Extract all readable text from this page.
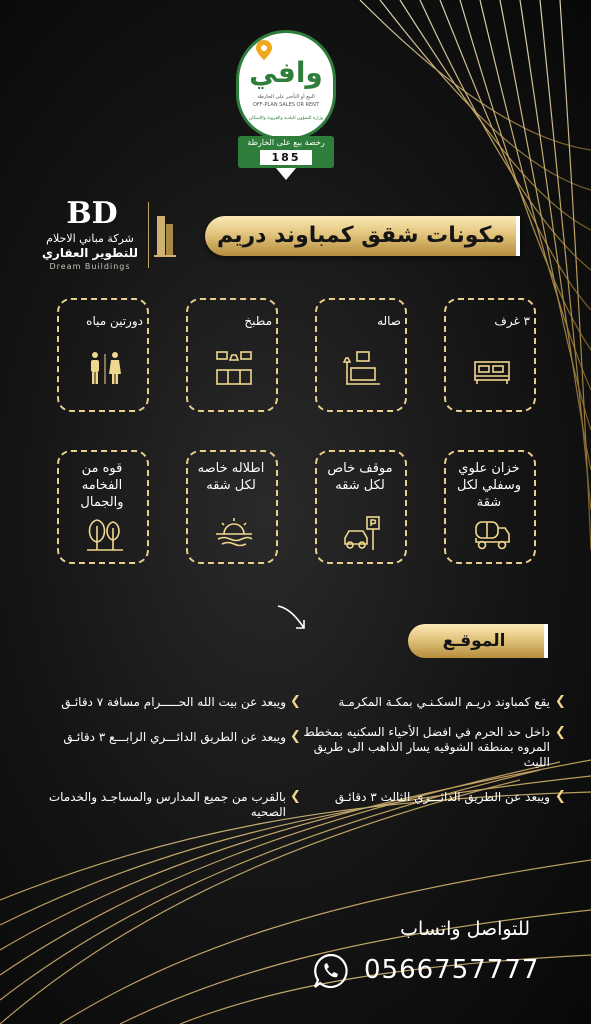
وافي
البيع أو التأجير على الخارطة
OFF-PLAN SALES OR RENT
وزارة الشؤون البلدية والقروية والإسكان
رخصة بيع على الخارطة
185
BD
شركة مباني الاحلام
للتطوير العقاري
Dream Buildings
مكونات شقق كمباوند دريم
٣ غرف
صاله
مطبخ
دورتين مياه
خزان علوي وسفلي لكل شقة
موقف خاص لكل شقه
اطلاله خاصه لكل شقه
قوه من الفخامه والجمال
الموقـع
❮
يقع كمباوند دريـم السكـنـي بمكـة المكرمـة
❮
داخل حد الحرم في افضل الأحياء السكنيه بمخطط المروه بمنطقه الشوقيه يسار الذاهب الى طريق الليث
❮
ويبعد عن الطريق الدائـــري الثالث ٣ دقائـق
❮
ويبعد عن بيت الله الحـــــرام مسافة ٧ دقائـق
❮
ويبعد عن الطريق الدائـــري الرابـــع ٣ دقائـق
❮
بالقرب من جميع المدارس والمساجـد والخدمات الصحيه
للتواصل واتساب
0566757777
